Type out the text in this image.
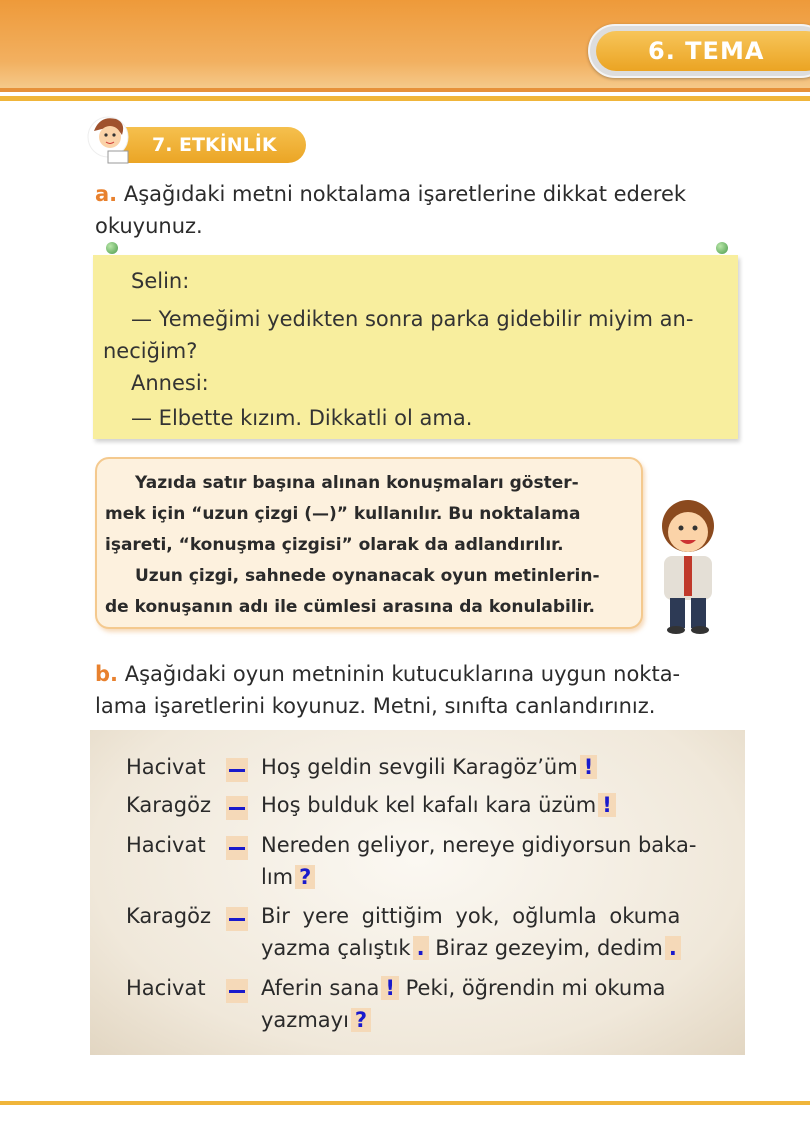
6. TEMA
7. ETKİNLİK
a. Aşağıdaki metni noktalama işaretlerine dikkat ederek
okuyunuz.
Selin:
— Yemeğimi yedikten sonra parka gidebilir miyim an-
neciğim?
Annesi:
— Elbette kızım. Dikkatli ol ama.
Yazıda satır başına alınan konuşmaları göster-
mek için “uzun çizgi (—)” kullanılır. Bu noktalama
işareti, “konuşma çizgisi” olarak da adlandırılır.
Uzun çizgi, sahnede oynanacak oyun metinlerin-
de konuşanın adı ile cümlesi arasına da konulabilir.
b. Aşağıdaki oyun metninin kutucuklarına uygun nokta-
lama işaretlerini koyunuz. Metni, sınıfta canlandırınız.
Hacivat	Hoş geldin sevgili Karagöz’üm !
Karagöz Hoş bulduk kel kafalı kara üzüm !
Hacivat	Nereden geliyor, nereye gidiyorsun baka-
lım ?
Karagöz Bir yere gittiğim yok, oğlumla okuma
yazma çalıştık . Biraz gezeyim, dedim .
Hacivat	Aferin sana ! Peki, öğrendin mi okuma
yazmayı ?
